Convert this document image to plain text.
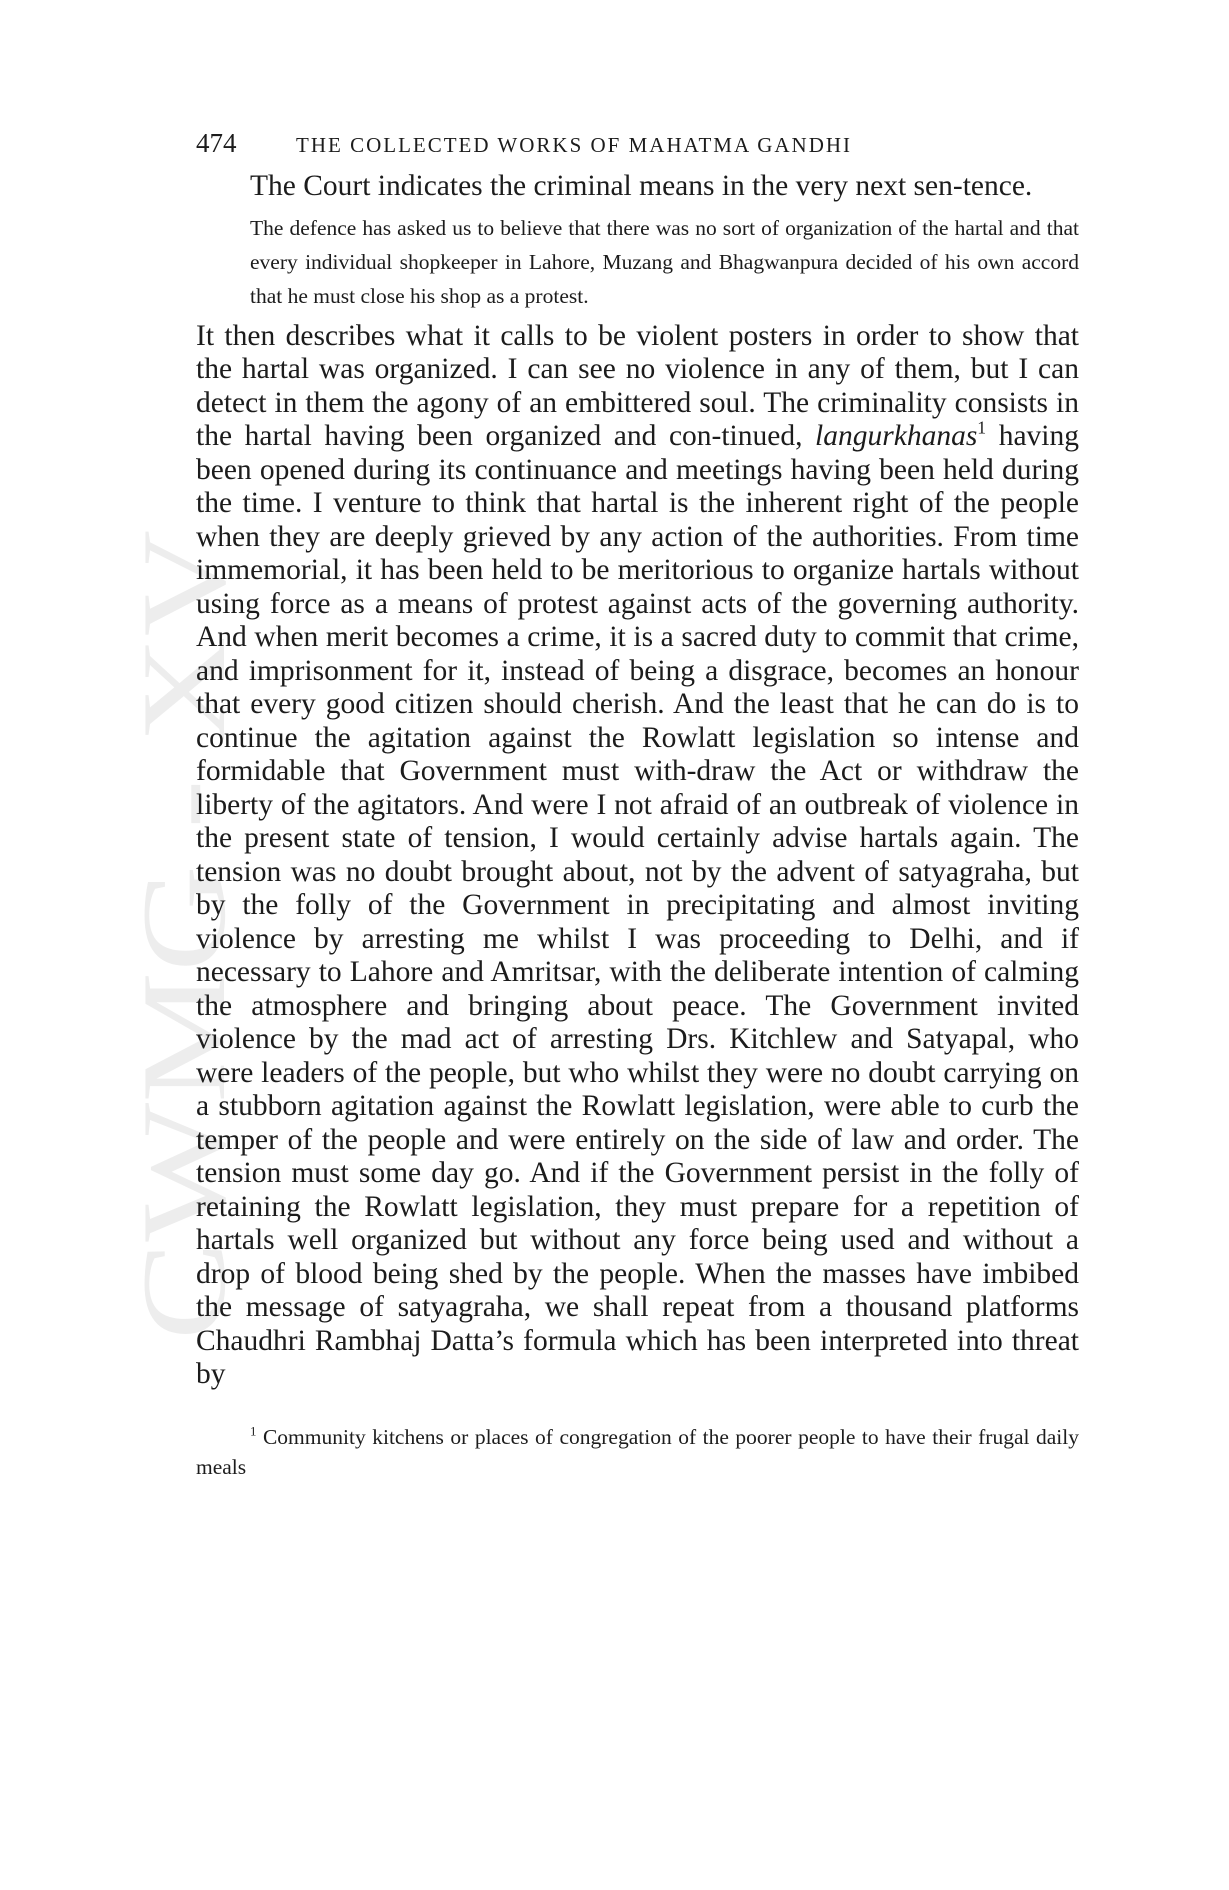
CWMG - XV
474	THE COLLECTED WORKS OF MAHATMA GANDHI

The Court indicates the criminal means in the very next sen-tence.

The defence has asked us to believe that there was no sort of organization of the hartal and that every individual shopkeeper in Lahore, Muzang and Bhagwanpura decided of his own accord that he must close his shop as a protest.

It then describes what it calls to be violent posters in order to show that the hartal was organized. I can see no violence in any of them, but I can detect in them the agony of an embittered soul. The criminality consists in the hartal having been organized and con-tinued, langurkhanas$^1$ having been opened during its continuance and meetings having been held during the time. I venture to think that hartal is the inherent right of the people when they are deeply grieved by any action of the authorities. From time immemorial, it has been held to be meritorious to organize hartals without using force as a means of protest against acts of the governing authority. And when merit becomes a crime, it is a sacred duty to commit that crime, and imprisonment for it, instead of being a disgrace, becomes an honour that every good citizen should cherish. And the least that he can do is to continue the agitation against the Rowlatt legislation so intense and formidable that Government must with-draw the Act or withdraw the liberty of the agitators. And were I not afraid of an outbreak of violence in the present state of tension, I would certainly advise hartals again. The tension was no doubt brought about, not by the advent of satyagraha, but by the folly of the Government in precipitating and almost inviting violence by arresting me whilst I was proceeding to Delhi, and if necessary to Lahore and Amritsar, with the deliberate intention of calming the atmosphere and bringing about peace. The Government invited violence by the mad act of arresting Drs. Kitchlew and Satyapal, who were leaders of the people, but who whilst they were no doubt carrying on a stubborn agitation against the Rowlatt legislation, were able to curb the temper of the people and were entirely on the side of law and order. The tension must some day go. And if the Government persist in the folly of retaining the Rowlatt legislation, they must prepare for a repetition of hartals well organized but without any force being used and without a drop of blood being shed by the people. When the masses have imbibed the message of satyagraha, we shall repeat from a thousand platforms Chaudhri Rambhaj Datta’s formula which has been interpreted into threat by

$^1$ Community kitchens or places of congregation of the poorer people to have their frugal daily meals
